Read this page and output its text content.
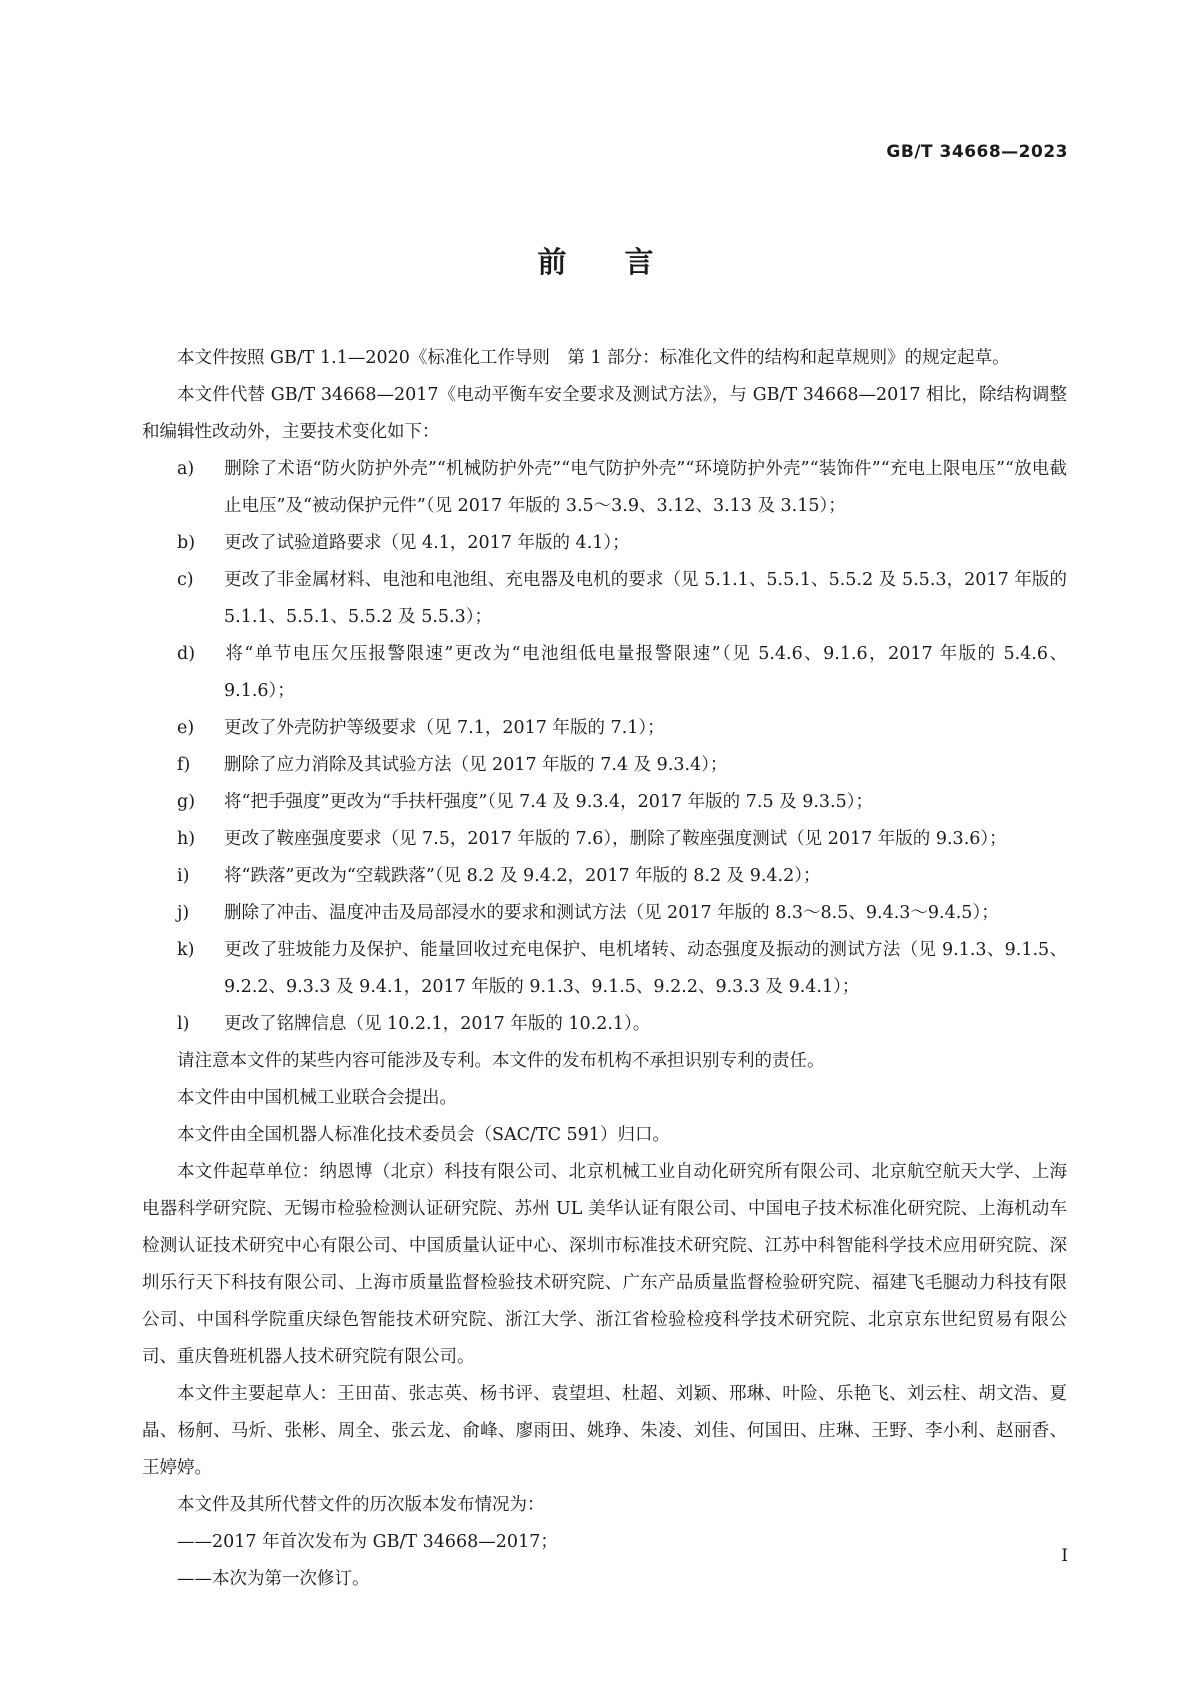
GB/T 34668—2023
前言

本文件按照 GB/T 1.1—2020《标准化工作导则　第 1 部分：标准化文件的结构和起草规则》的规定起草。

本文件代替 GB/T 34668—2017《电动平衡车安全要求及测试方法》，与 GB/T 34668—2017 相比，除结构调整和编辑性改动外，主要技术变化如下：

a) 删除了术语“防火防护外壳”“机械防护外壳”“电气防护外壳”“环境防护外壳”“装饰件”“充电上限电压”“放电截止电压”及“被动保护元件”（见 2017 年版的 3.5～3.9、3.12、3.13 及 3.15）；

b) 更改了试验道路要求（见 4.1，2017 年版的 4.1）；

c) 更改了非金属材料、电池和电池组、充电器及电机的要求（见 5.1.1、5.5.1、5.5.2 及 5.5.3，2017 年版的 5.1.1、5.5.1、5.5.2 及 5.5.3）；

d) 将“单节电压欠压报警限速”更改为“电池组低电量报警限速”（见 5.4.6、9.1.6，2017 年版的 5.4.6、9.1.6）；

e) 更改了外壳防护等级要求（见 7.1，2017 年版的 7.1）；

f) 删除了应力消除及其试验方法（见 2017 年版的 7.4 及 9.3.4）；

g) 将“把手强度”更改为“手扶杆强度”（见 7.4 及 9.3.4，2017 年版的 7.5 及 9.3.5）；

h) 更改了鞍座强度要求（见 7.5，2017 年版的 7.6），删除了鞍座强度测试（见 2017 年版的 9.3.6）；

i) 将“跌落”更改为“空载跌落”（见 8.2 及 9.4.2，2017 年版的 8.2 及 9.4.2）；

j) 删除了冲击、温度冲击及局部浸水的要求和测试方法（见 2017 年版的 8.3～8.5、9.4.3～9.4.5）；

k) 更改了驻坡能力及保护、能量回收过充电保护、电机堵转、动态强度及振动的测试方法（见 9.1.3、9.1.5、9.2.2、9.3.3 及 9.4.1，2017 年版的 9.1.3、9.1.5、9.2.2、9.3.3 及 9.4.1）；

l) 更改了铭牌信息（见 10.2.1，2017 年版的 10.2.1）。

请注意本文件的某些内容可能涉及专利。本文件的发布机构不承担识别专利的责任。

本文件由中国机械工业联合会提出。

本文件由全国机器人标准化技术委员会（SAC/TC 591）归口。

本文件起草单位：纳恩博（北京）科技有限公司、北京机械工业自动化研究所有限公司、北京航空航天大学、上海电器科学研究院、无锡市检验检测认证研究院、苏州 UL 美华认证有限公司、中国电子技术标准化研究院、上海机动车检测认证技术研究中心有限公司、中国质量认证中心、深圳市标准技术研究院、江苏中科智能科学技术应用研究院、深圳乐行天下科技有限公司、上海市质量监督检验技术研究院、广东产品质量监督检验研究院、福建飞毛腿动力科技有限公司、中国科学院重庆绿色智能技术研究院、浙江大学、浙江省检验检疫科学技术研究院、北京京东世纪贸易有限公司、重庆鲁班机器人技术研究院有限公司。

本文件主要起草人：王田苗、张志英、杨书评、袁望坦、杜超、刘颖、邢琳、叶险、乐艳飞、刘云柱、胡文浩、夏晶、杨舸、马炘、张彬、周全、张云龙、俞峰、廖雨田、姚琤、朱凌、刘佳、何国田、庄琳、王野、李小利、赵丽香、王婷婷。

本文件及其所代替文件的历次版本发布情况为：

——2017 年首次发布为 GB/T 34668—2017；

——本次为第一次修订。

I
